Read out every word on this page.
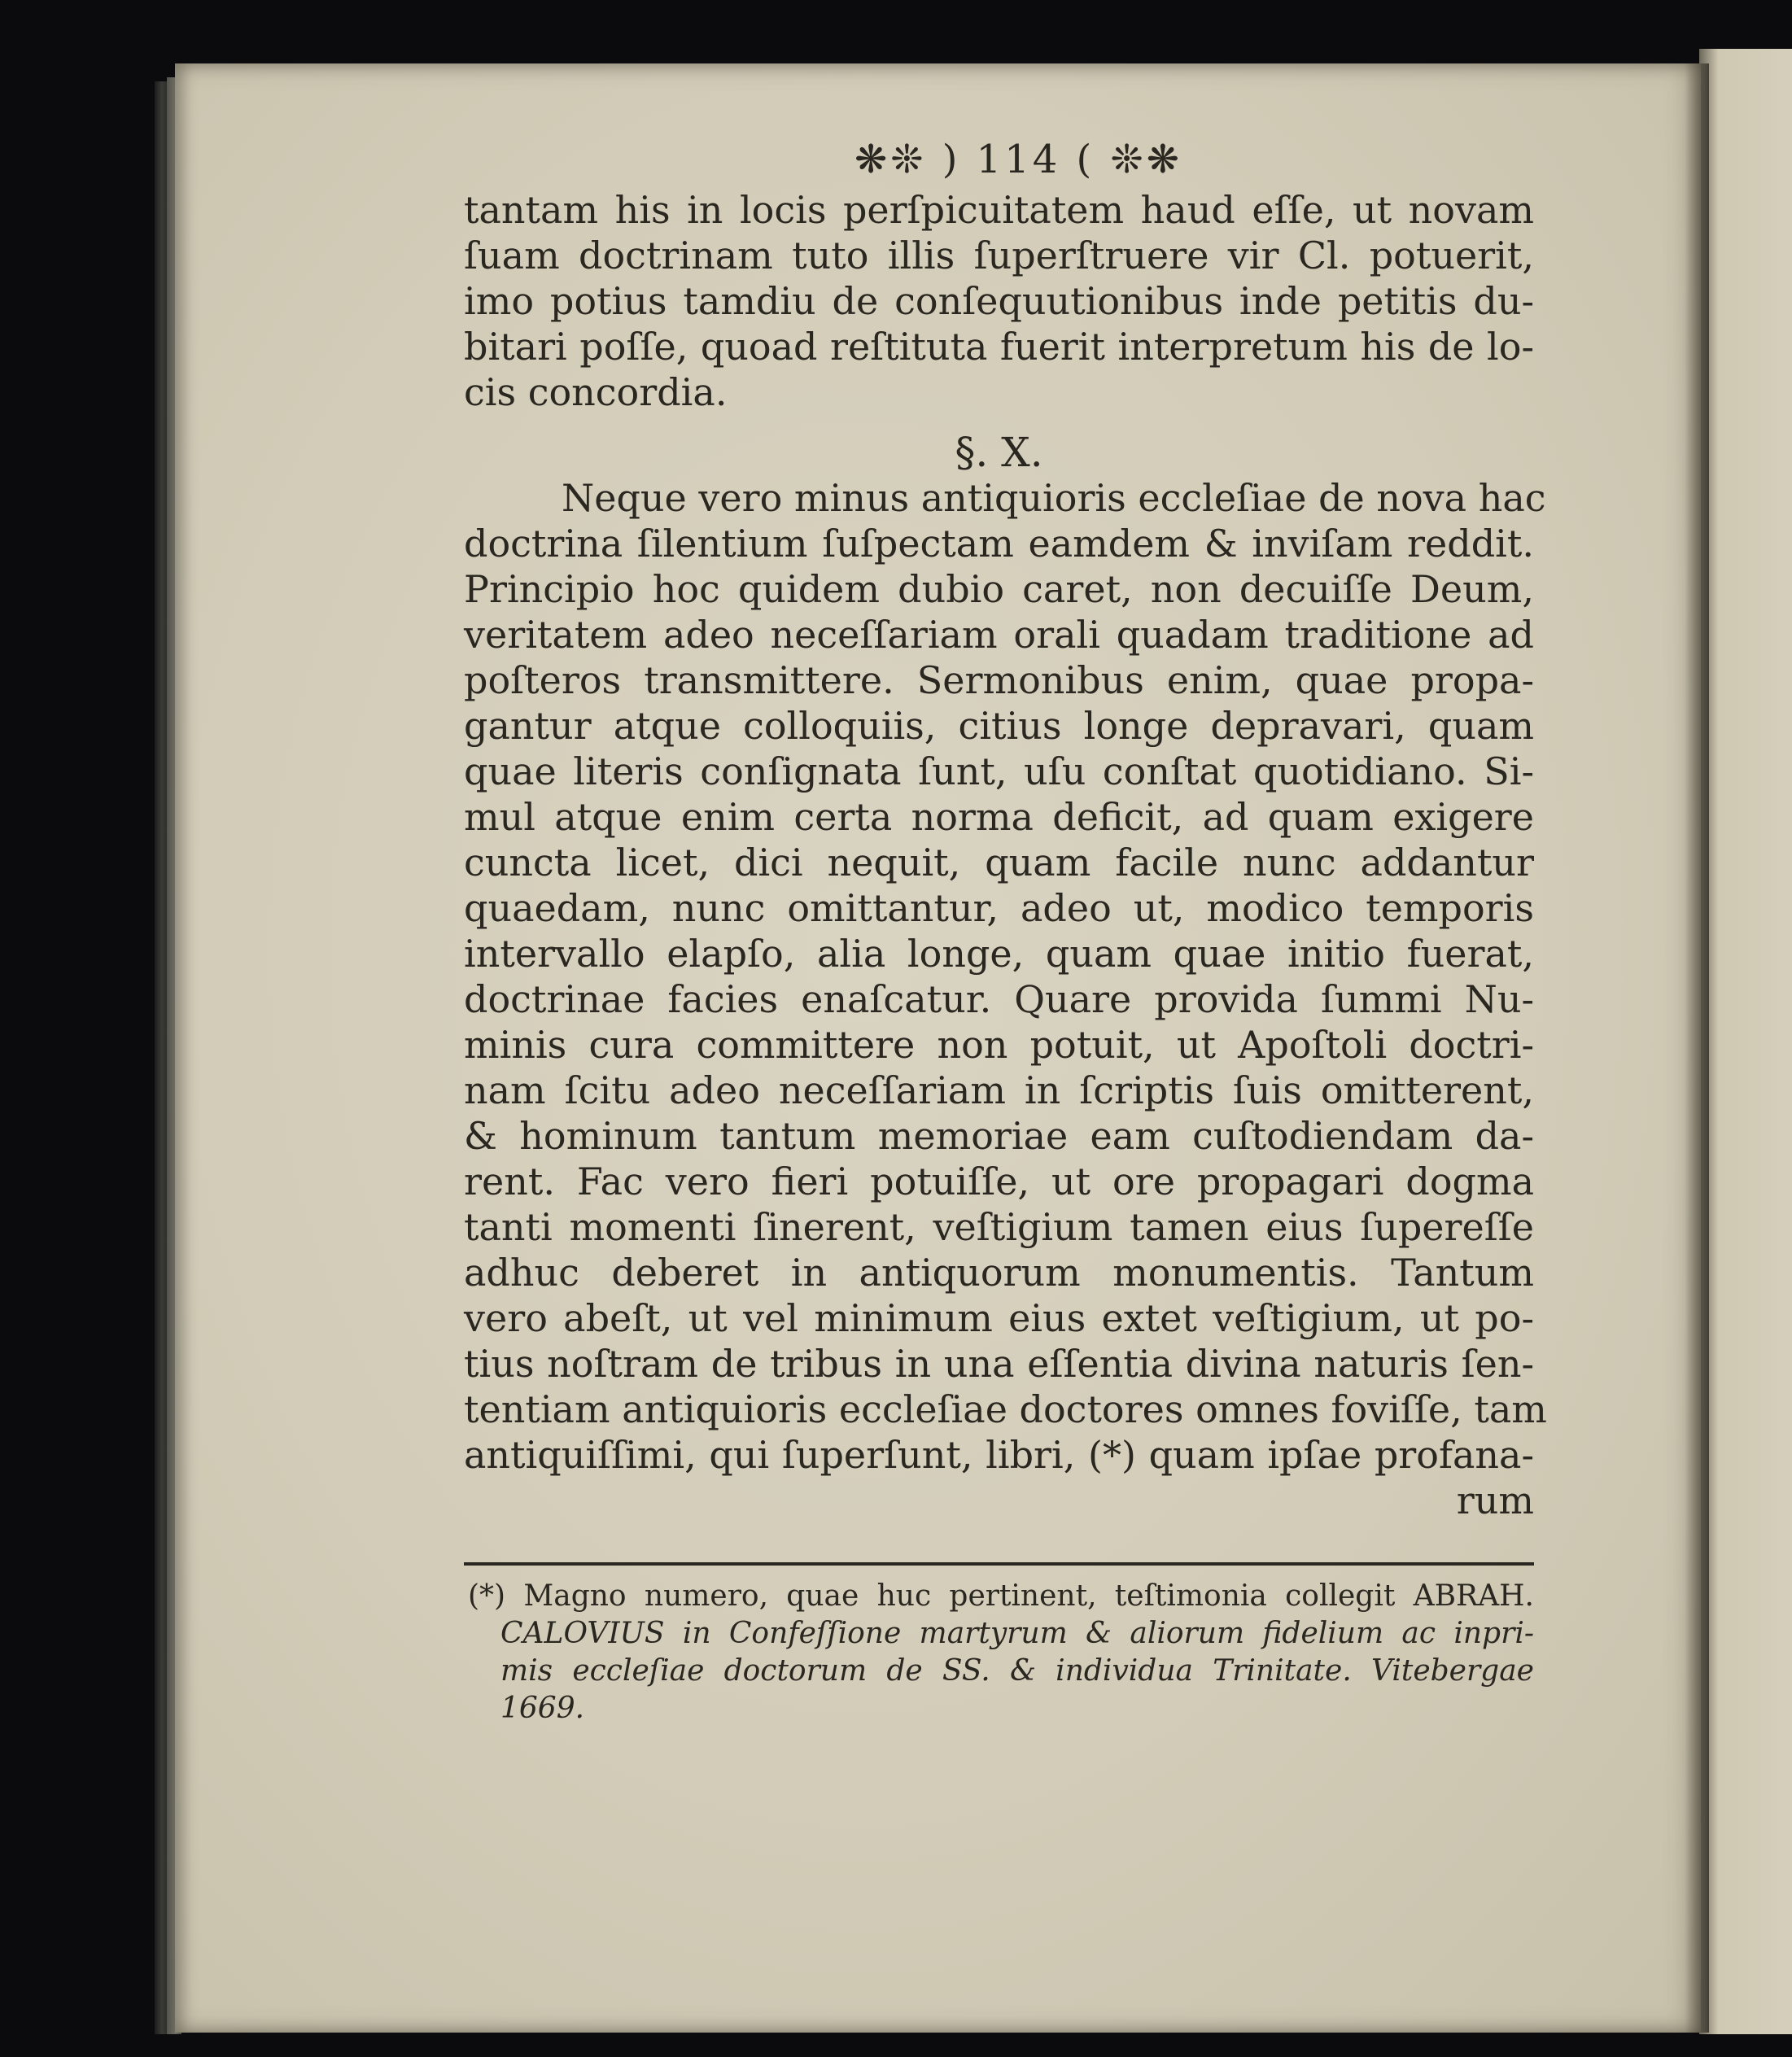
❋❊ ) 114 ( ❊❋
tantam his in locis perſpicuitatem haud eſſe, ut novam
ſuam doctrinam tuto illis ſuperſtruere vir Cl. potuerit,
imo potius tamdiu de conſequutionibus inde petitis du-
bitari poſſe, quoad reſtituta fuerit interpretum his de lo-
cis concordia.
§. X.
Neque vero minus antiquioris eccleſiae de nova hac
doctrina ſilentium ſuſpectam eamdem & inviſam reddit.
Principio hoc quidem dubio caret, non decuiſſe Deum,
veritatem adeo neceſſariam orali quadam traditione ad
poſteros transmittere. Sermonibus enim, quae propa-
gantur atque colloquiis, citius longe depravari, quam
quae literis conſignata ſunt, uſu conſtat quotidiano. Si-
mul atque enim certa norma deficit, ad quam exigere
cuncta licet, dici nequit, quam facile nunc addantur
quaedam, nunc omittantur, adeo ut, modico temporis
intervallo elapſo, alia longe, quam quae initio fuerat,
doctrinae facies enaſcatur. Quare provida ſummi Nu-
minis cura committere non potuit, ut Apoſtoli doctri-
nam ſcitu adeo neceſſariam in ſcriptis ſuis omitterent,
& hominum tantum memoriae eam cuſtodiendam da-
rent. Fac vero fieri potuiſſe, ut ore propagari dogma
tanti momenti ſinerent, veſtigium tamen eius ſupereſſe
adhuc deberet in antiquorum monumentis. Tantum
vero abeſt, ut vel minimum eius extet veſtigium, ut po-
tius noſtram de tribus in una eſſentia divina naturis ſen-
tentiam antiquioris eccleſiae doctores omnes foviſſe, tam
antiquiſſimi, qui ſuperſunt, libri, (*) quam ipſae profana-
rum
(*) Magno numero, quae huc pertinent, teſtimonia collegit ABRAH.
CALOVIUS in Confeſſione martyrum & aliorum fidelium ac inpri-
mis eccleſiae doctorum de SS. & individua Trinitate. Vitebergae
1669.
